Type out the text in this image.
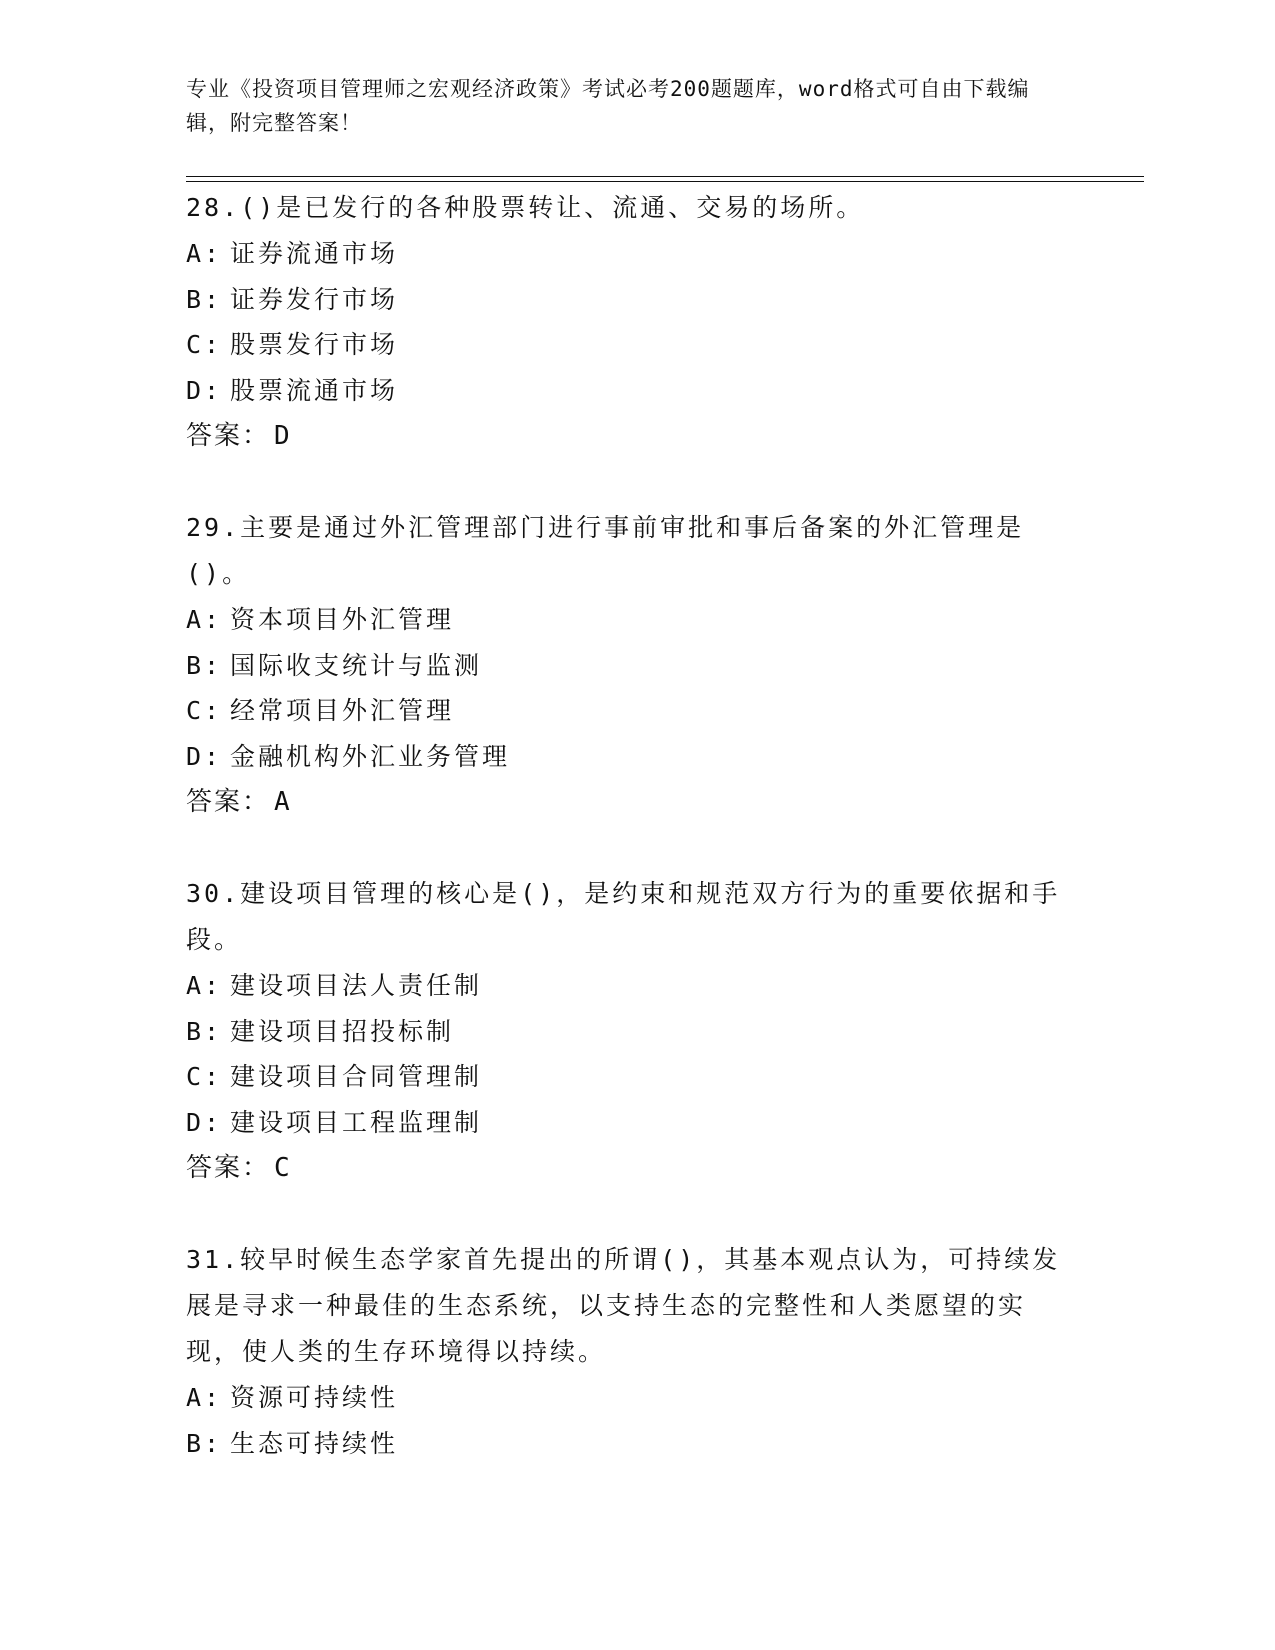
专业《投资项目管理师之宏观经济政策》考试必考200题题库，word格式可自由下载编辑，附完整答案！

28.()是已发行的各种股票转让、流通、交易的场所。

A: 证券流通市场

B: 证券发行市场

C: 股票发行市场

D: 股票流通市场

答案： D

29.主要是通过外汇管理部门进行事前审批和事后备案的外汇管理是()。

A: 资本项目外汇管理

B: 国际收支统计与监测

C: 经常项目外汇管理

D: 金融机构外汇业务管理

答案： A

30.建设项目管理的核心是()，是约束和规范双方行为的重要依据和手段。

A: 建设项目法人责任制

B: 建设项目招投标制

C: 建设项目合同管理制

D: 建设项目工程监理制

答案： C

31.较早时候生态学家首先提出的所谓()，其基本观点认为，可持续发展是寻求一种最佳的生态系统，以支持生态的完整性和人类愿望的实现，使人类的生存环境得以持续。

A: 资源可持续性

B: 生态可持续性
